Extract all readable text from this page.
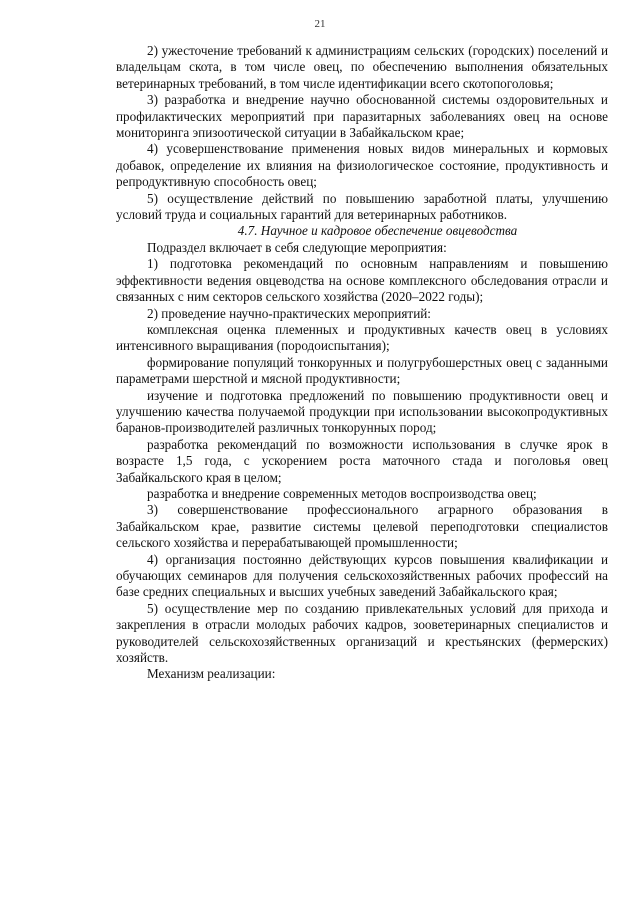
21

2) ужесточение требований к администрациям сельских (городских) поселений и владельцам скота, в том числе овец, по обеспечению выполнения обязательных ветеринарных требований, в том числе идентификации всего скотопоголовья;

3) разработка и внедрение научно обоснованной системы оздоровительных и профилактических мероприятий при паразитарных заболеваниях овец на основе мониторинга эпизоотической ситуации в Забайкальском крае;

4) усовершенствование применения новых видов минеральных и кормовых добавок, определение их влияния на физиологическое состояние, продуктивность и репродуктивную способность овец;

5) осуществление действий по повышению заработной платы, улучшению условий труда и социальных гарантий для ветеринарных работников.

4.7. Научное и кадровое обеспечение овцеводства

Подраздел включает в себя следующие мероприятия:

1) подготовка рекомендаций по основным направлениям и повышению эффективности ведения овцеводства на основе комплексного обследования отрасли и связанных с ним секторов сельского хозяйства (2020–2022 годы);

2) проведение научно-практических мероприятий:

комплексная оценка племенных и продуктивных качеств овец в условиях интенсивного выращивания (породоиспытания);

формирование популяций тонкорунных и полугрубошерстных овец с заданными параметрами шерстной и мясной продуктивности;

изучение и подготовка предложений по повышению продуктивности овец и улучшению качества получаемой продукции при использовании высокопродуктивных баранов-производителей различных тонкорунных пород;

разработка рекомендаций по возможности использования в случке ярок в возрасте 1,5 года, с ускорением роста маточного стада и поголовья овец Забайкальского края в целом;

разработка и внедрение современных методов воспроизводства овец;

3) совершенствование профессионального аграрного образования в Забайкальском крае, развитие системы целевой переподготовки специалистов сельского хозяйства и перерабатывающей промышленности;

4) организация постоянно действующих курсов повышения квалификации и обучающих семинаров для получения сельскохозяйственных рабочих профессий на базе средних специальных и высших учебных заведений Забайкальского края;

5) осуществление мер по созданию привлекательных условий для прихода и закрепления в отрасли молодых рабочих кадров, зооветеринарных специалистов и руководителей сельскохозяйственных организаций и крестьянских (фермерских) хозяйств.

Механизм реализации:
